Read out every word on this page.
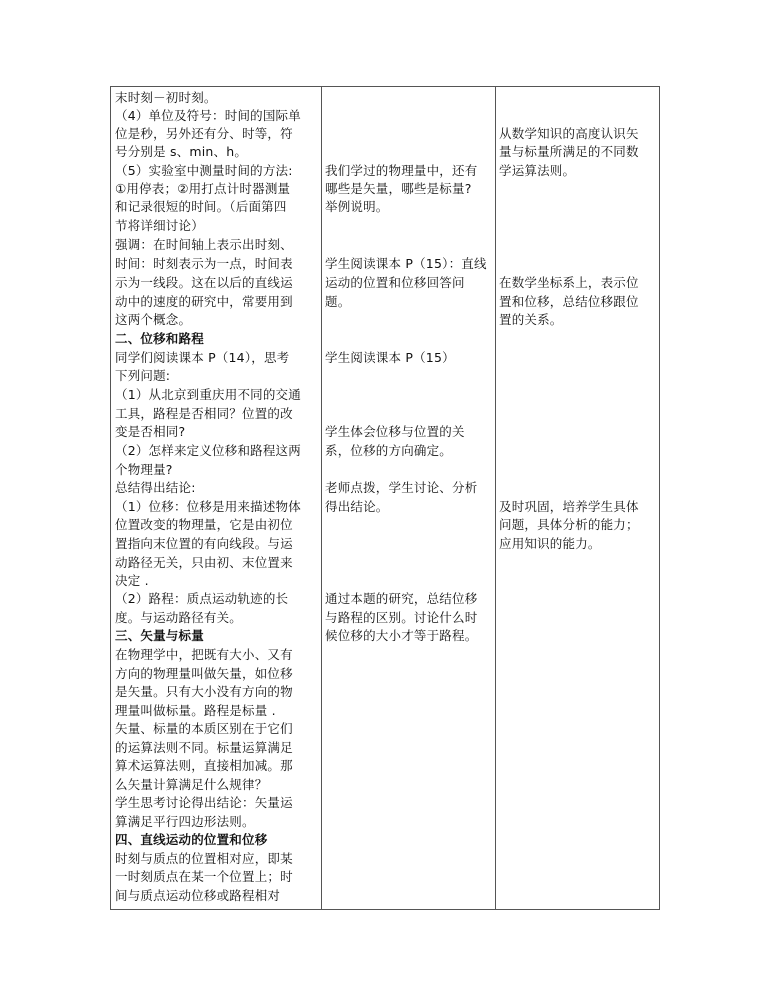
末时刻－初时刻。
（4）单位及符号：时间的国际单
位是秒，另外还有分、时等，符
号分别是 s、min、h。
（5）实验室中测量时间的方法:
①用停表；②用打点计时器测量
和记录很短的时间。（后面第四
节将详细讨论）
强调：在时间轴上表示出时刻、
时间：时刻表示为一点，时间表
示为一线段。这在以后的直线运
动中的速度的研究中，常要用到
这两个概念。
二、位移和路程
同学们阅读课本 P（14），思考
下列问题:
（1）从北京到重庆用不同的交通
工具，路程是否相同？位置的改
变是否相同?
（2）怎样来定义位移和路程这两
个物理量?
总结得出结论:
（1）位移：位移是用来描述物体
位置改变的物理量，它是由初位
置指向末位置的有向线段。与运
动路径无关，只由初、末位置来
决定 .
（2）路程：质点运动轨迹的长
度。与运动路径有关。
三、矢量与标量
在物理学中，把既有大小、又有
方向的物理量叫做矢量，如位移
是矢量。只有大小没有方向的物
理量叫做标量。路程是标量 .
矢量、标量的本质区别在于它们
的运算法则不同。标量运算满足
算术运算法则，直接相加减。那
么矢量计算满足什么规律？
学生思考讨论得出结论：矢量运
算满足平行四边形法则。
四、直线运动的位置和位移
时刻与质点的位置相对应，即某
一时刻质点在某一个位置上；时
间与质点运动位移或路程相对
我们学过的物理量中，还有
哪些是矢量，哪些是标量?
举例说明。
学生阅读课本 P（15）：直线
运动的位置和位移回答问
题。
学生阅读课本 P（15）
学生体会位移与位置的关
系，位移的方向确定。
老师点拨，学生讨论、分析
得出结论。
通过本题的研究，总结位移
与路程的区别。讨论什么时
候位移的大小才等于路程。
从数学知识的高度认识矢
量与标量所满足的不同数
学运算法则。
在数学坐标系上，表示位
置和位移，总结位移跟位
置的关系。
及时巩固，培养学生具体
问题，具体分析的能力；
应用知识的能力。
